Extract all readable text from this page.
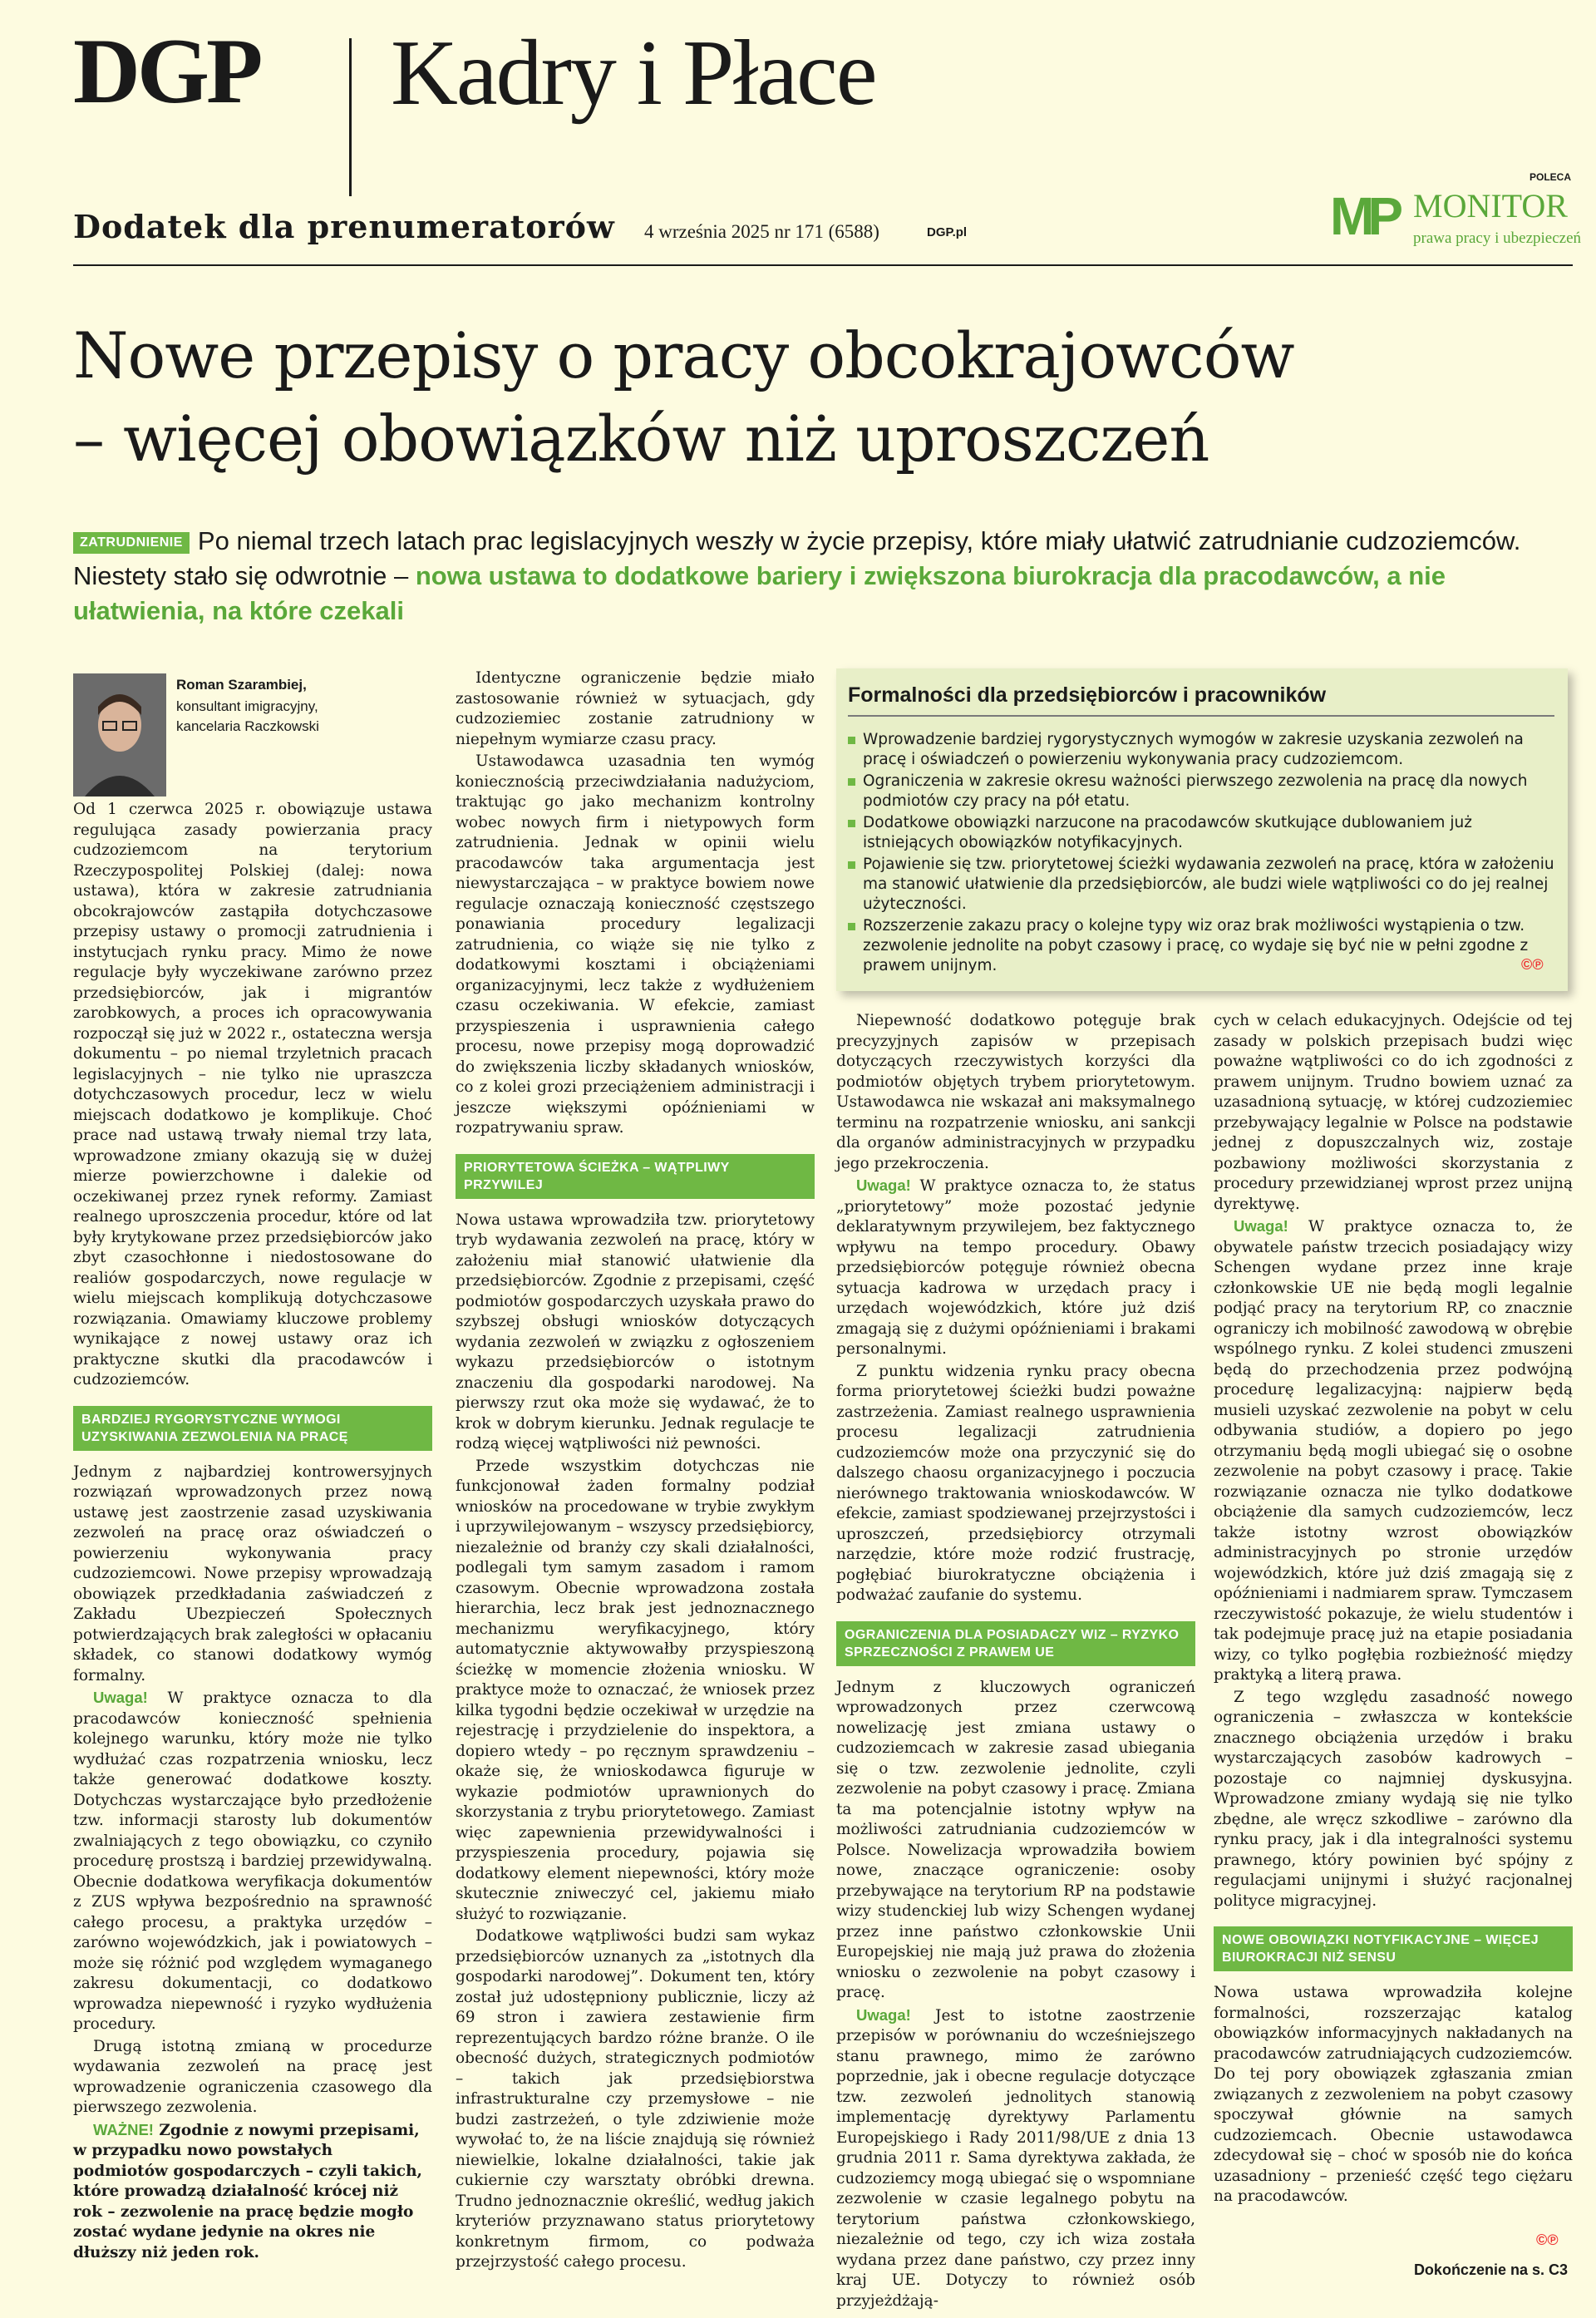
DGP Kadry i Płace
Dodatek dla prenumeratorów 4 września 2025 nr 171 (6588)	DGP.pl
POLECA
MP MONITOR
prawa pracy i ubezpieczeń
Nowe przepisy o pracy obcokrajowców
– więcej obowiązków niż uproszczeń
ZATRUDNIENIE Po niemal trzech latach prac legislacyjnych weszły w życie przepisy, które miały ułatwić zatrudnianie cudzoziemców. Niestety stało się odwrotnie – nowa ustawa to dodatkowe bariery i zwiększona biurokracja dla pracodawców, a nie ułatwienia, na które czekali
Roman Szarambiej,
konsultant imigracyjny,
kancelaria Raczkowski

Od 1 czerwca 2025 r. obowiązuje ustawa regulująca zasady powierzania pracy cudzoziemcom na terytorium Rzeczypospolitej Polskiej (dalej: nowa ustawa), która w zakresie zatrudniania obcokrajowców zastąpiła dotychczasowe przepisy ustawy o promocji zatrudnienia i instytucjach rynku pracy. Mimo że nowe regulacje były wyczekiwane zarówno przez przedsiębiorców, jak i migrantów zarobkowych, a proces ich opracowywania rozpoczął się już w 2022 r., ostateczna wersja dokumentu – po niemal trzyletnich pracach legislacyjnych – nie tylko nie upraszcza dotychczasowych procedur, lecz w wielu miejscach dodatkowo je komplikuje. Choć prace nad ustawą trwały niemal trzy lata, wprowadzone zmiany okazują się w dużej mierze powierzchowne i dalekie od oczekiwanej przez rynek reformy. Zamiast realnego uproszczenia procedur, które od lat były krytykowane przez przedsiębiorców jako zbyt czasochłonne i niedostosowane do realiów gospodarczych, nowe regulacje w wielu miejscach komplikują dotychczasowe rozwiązania. Omawiamy kluczowe problemy wynikające z nowej ustawy oraz ich praktyczne skutki dla pracodawców i cudzoziemców.

BARDZIEJ RYGORYSTYCZNE WYMOGI UZYSKIWANIA ZEZWOLENIA NA PRACĘ

Jednym z najbardziej kontrowersyjnych rozwiązań wprowadzonych przez nową ustawę jest zaostrzenie zasad uzyskiwania zezwoleń na pracę oraz oświadczeń o powierzeniu wykonywania pracy cudzoziemcowi. Nowe przepisy wprowadzają obowiązek przedkładania zaświadczeń z Zakładu Ubezpieczeń Społecznych potwierdzających brak zaległości w opłacaniu składek, co stanowi dodatkowy wymóg formalny.

Uwaga! W praktyce oznacza to dla pracodawców konieczność spełnienia kolejnego warunku, który może nie tylko wydłużać czas rozpatrzenia wniosku, lecz także generować dodatkowe koszty. Dotychczas wystarczające było przedłożenie tzw. informacji starosty lub dokumentów zwalniających z tego obowiązku, co czyniło procedurę prostszą i bardziej przewidywalną. Obecnie dodatkowa weryfikacja dokumentów z ZUS wpływa bezpośrednio na sprawność całego procesu, a praktyka urzędów – zarówno wojewódzkich, jak i powiatowych – może się różnić pod względem wymaganego zakresu dokumentacji, co dodatkowo wprowadza niepewność i ryzyko wydłużenia procedury.

Drugą istotną zmianą w procedurze wydawania zezwoleń na pracę jest wprowadzenie ograniczenia czasowego dla pierwszego zezwolenia.

WAŻNE! Zgodnie z nowymi przepisami, w przypadku nowo powstałych podmiotów gospodarczych – czyli takich, które prowadzą działalność krócej niż rok – zezwolenie na pracę będzie mogło zostać wydane jedynie na okres nie dłuższy niż jeden rok.

Identyczne ograniczenie będzie miało zastosowanie również w sytuacjach, gdy cudzoziemiec zostanie zatrudniony w niepełnym wymiarze czasu pracy.

Ustawodawca uzasadnia ten wymóg koniecznością przeciwdziałania nadużyciom, traktując go jako mechanizm kontrolny wobec nowych firm i nietypowych form zatrudnienia. Jednak w opinii wielu pracodawców taka argumentacja jest niewystarczająca – w praktyce bowiem nowe regulacje oznaczają konieczność częstszego ponawiania procedury legalizacji zatrudnienia, co wiąże się nie tylko z dodatkowymi kosztami i obciążeniami organizacyjnymi, lecz także z wydłużeniem czasu oczekiwania. W efekcie, zamiast przyspieszenia i usprawnienia całego procesu, nowe przepisy mogą doprowadzić do zwiększenia liczby składanych wniosków, co z kolei grozi przeciążeniem administracji i jeszcze większymi opóźnieniami w rozpatrywaniu spraw.

PRIORYTETOWA ŚCIEŻKA – WĄTPLIWY PRZYWILEJ

Nowa ustawa wprowadziła tzw. priorytetowy tryb wydawania zezwoleń na pracę, który w założeniu miał stanowić ułatwienie dla przedsiębiorców. Zgodnie z przepisami, część podmiotów gospodarczych uzyskała prawo do szybszej obsługi wniosków dotyczących wydania zezwoleń w związku z ogłoszeniem wykazu przedsiębiorców o istotnym znaczeniu dla gospodarki narodowej. Na pierwszy rzut oka może się wydawać, że to krok w dobrym kierunku. Jednak regulacje te rodzą więcej wątpliwości niż pewności.

Przede wszystkim dotychczas nie funkcjonował żaden formalny podział wniosków na procedowane w trybie zwykłym i uprzywilejowanym – wszyscy przedsiębiorcy, niezależnie od branży czy skali działalności, podlegali tym samym zasadom i ramom czasowym. Obecnie wprowadzona została hierarchia, lecz brak jest jednoznacznego mechanizmu weryfikacyjnego, który automatycznie aktywowałby przyspieszoną ścieżkę w momencie złożenia wniosku. W praktyce może to oznaczać, że wniosek przez kilka tygodni będzie oczekiwał w urzędzie na rejestrację i przydzielenie do inspektora, a dopiero wtedy – po ręcznym sprawdzeniu – okaże się, że wnioskodawca figuruje w wykazie podmiotów uprawnionych do skorzystania z trybu priorytetowego. Zamiast więc zapewnienia przewidywalności i przyspieszenia procedury, pojawia się dodatkowy element niepewności, który może skutecznie zniweczyć cel, jakiemu miało służyć to rozwiązanie.

Dodatkowe wątpliwości budzi sam wykaz przedsiębiorców uznanych za „istotnych dla gospodarki narodowej”. Dokument ten, który został już udostępniony publicznie, liczy aż 69 stron i zawiera zestawienie firm reprezentujących bardzo różne branże. O ile obecność dużych, strategicznych podmiotów – takich jak przedsiębiorstwa infrastrukturalne czy przemysłowe – nie budzi zastrzeżeń, o tyle zdziwienie może wywołać to, że na liście znajdują się również niewielkie, lokalne działalności, takie jak cukiernie czy warsztaty obróbki drewna. Trudno jednoznacznie określić, według jakich kryteriów przyznawano status priorytetowy konkretnym firmom, co podważa przejrzystość całego procesu.

Formalności dla przedsiębiorców i pracowników
Wprowadzenie bardziej rygorystycznych wymogów w zakresie uzyskania zezwoleń na pracę i oświadczeń o powierzeniu wykonywania pracy cudzoziemcom.
Ograniczenia w zakresie okresu ważności pierwszego zezwolenia na pracę dla nowych podmiotów czy pracy na pół etatu.
Dodatkowe obowiązki narzucone na pracodawców skutkujące dublowaniem już istniejących obowiązków notyfikacyjnych.
Pojawienie się tzw. priorytetowej ścieżki wydawania zezwoleń na pracę, która w założeniu ma stanowić ułatwienie dla przedsiębiorców, ale budzi wiele wątpliwości co do jej realnej użyteczności.
Rozszerzenie zakazu pracy o kolejne typy wiz oraz brak możliwości wystąpienia o tzw. zezwolenie jednolite na pobyt czasowy i pracę, co wydaje się być nie w pełni zgodne z prawem unijnym.	©℗

Niepewność dodatkowo potęguje brak precyzyjnych zapisów w przepisach dotyczących rzeczywistych korzyści dla podmiotów objętych trybem priorytetowym. Ustawodawca nie wskazał ani maksymalnego terminu na rozpatrzenie wniosku, ani sankcji dla organów administracyjnych w przypadku jego przekroczenia.

Uwaga! W praktyce oznacza to, że status „priorytetowy” może pozostać jedynie deklaratywnym przywilejem, bez faktycznego wpływu na tempo procedury. Obawy przedsiębiorców potęguje również obecna sytuacja kadrowa w urzędach pracy i urzędach wojewódzkich, które już dziś zmagają się z dużymi opóźnieniami i brakami personalnymi.

Z punktu widzenia rynku pracy obecna forma priorytetowej ścieżki budzi poważne zastrzeżenia. Zamiast realnego usprawnienia procesu legalizacji zatrudnienia cudzoziemców może ona przyczynić się do dalszego chaosu organizacyjnego i poczucia nierównego traktowania wnioskodawców. W efekcie, zamiast spodziewanej przejrzystości i uproszczeń, przedsiębiorcy otrzymali narzędzie, które może rodzić frustrację, pogłębiać biurokratyczne obciążenia i podważać zaufanie do systemu.

OGRANICZENIA DLA POSIADACZY WIZ – RYZYKO SPRZECZNOŚCI Z PRAWEM UE

Jednym z kluczowych ograniczeń wprowadzonych przez czerwcową nowelizację jest zmiana ustawy o cudzoziemcach w zakresie zasad ubiegania się o tzw. zezwolenie jednolite, czyli zezwolenie na pobyt czasowy i pracę. Zmiana ta ma potencjalnie istotny wpływ na możliwości zatrudniania cudzoziemców w Polsce. Nowelizacja wprowadziła bowiem nowe, znaczące ograniczenie: osoby przebywające na terytorium RP na podstawie wizy studenckiej lub wizy Schengen wydanej przez inne państwo członkowskie Unii Europejskiej nie mają już prawa do złożenia wniosku o zezwolenie na pobyt czasowy i pracę.

Uwaga! Jest to istotne zaostrzenie przepisów w porównaniu do wcześniejszego stanu prawnego, mimo że zarówno poprzednie, jak i obecne regulacje dotyczące tzw. zezwoleń jednolitych stanowią implementację dyrektywy Parlamentu Europejskiego i Rady 2011/98/UE z dnia 13 grudnia 2011 r. Sama dyrektywa zakłada, że cudzoziemcy mogą ubiegać się o wspomniane zezwolenie w czasie legalnego pobytu na terytorium państwa członkowskiego, niezależnie od tego, czy ich wiza została wydana przez dane państwo, czy przez inny kraj UE. Dotyczy to również osób przyjeżdżają-

cych w celach edukacyjnych. Odejście od tej zasady w polskich przepisach budzi więc poważne wątpliwości co do ich zgodności z prawem unijnym. Trudno bowiem uznać za uzasadnioną sytuację, w której cudzoziemiec przebywający legalnie w Polsce na podstawie jednej z dopuszczalnych wiz, zostaje pozbawiony możliwości skorzystania z procedury przewidzianej wprost przez unijną dyrektywę.

Uwaga! W praktyce oznacza to, że obywatele państw trzecich posiadający wizy Schengen wydane przez inne kraje członkowskie UE nie będą mogli legalnie podjąć pracy na terytorium RP, co znacznie ograniczy ich mobilność zawodową w obrębie wspólnego rynku. Z kolei studenci zmuszeni będą do przechodzenia przez podwójną procedurę legalizacyjną: najpierw będą musieli uzyskać zezwolenie na pobyt w celu odbywania studiów, a dopiero po jego otrzymaniu będą mogli ubiegać się o osobne zezwolenie na pobyt czasowy i pracę. Takie rozwiązanie oznacza nie tylko dodatkowe obciążenie dla samych cudzoziemców, lecz także istotny wzrost obowiązków administracyjnych po stronie urzędów wojewódzkich, które już dziś zmagają się z opóźnieniami i nadmiarem spraw. Tymczasem rzeczywistość pokazuje, że wielu studentów i tak podejmuje pracę już na etapie posiadania wizy, co tylko pogłębia rozbieżność między praktyką a literą prawa.

Z tego względu zasadność nowego ograniczenia – zwłaszcza w kontekście znacznego obciążenia urzędów i braku wystarczających zasobów kadrowych – pozostaje co najmniej dyskusyjna. Wprowadzone zmiany wydają się nie tylko zbędne, ale wręcz szkodliwe – zarówno dla rynku pracy, jak i dla integralności systemu prawnego, który powinien być spójny z regulacjami unijnymi i służyć racjonalnej polityce migracyjnej.

NOWE OBOWIĄZKI NOTYFIKACYJNE – WIĘCEJ BIUROKRACJI NIŻ SENSU

Nowa ustawa wprowadziła kolejne formalności, rozszerzając katalog obowiązków informacyjnych nakładanych na pracodawców zatrudniających cudzoziemców. Do tej pory obowiązek zgłaszania zmian związanych z zezwoleniem na pobyt czasowy spoczywał głównie na samych cudzoziemcach. Obecnie ustawodawca zdecydował się – choć w sposób nie do końca uzasadniony – przenieść część tego ciężaru na pracodawców.

©℗
Dokończenie na s. C3
